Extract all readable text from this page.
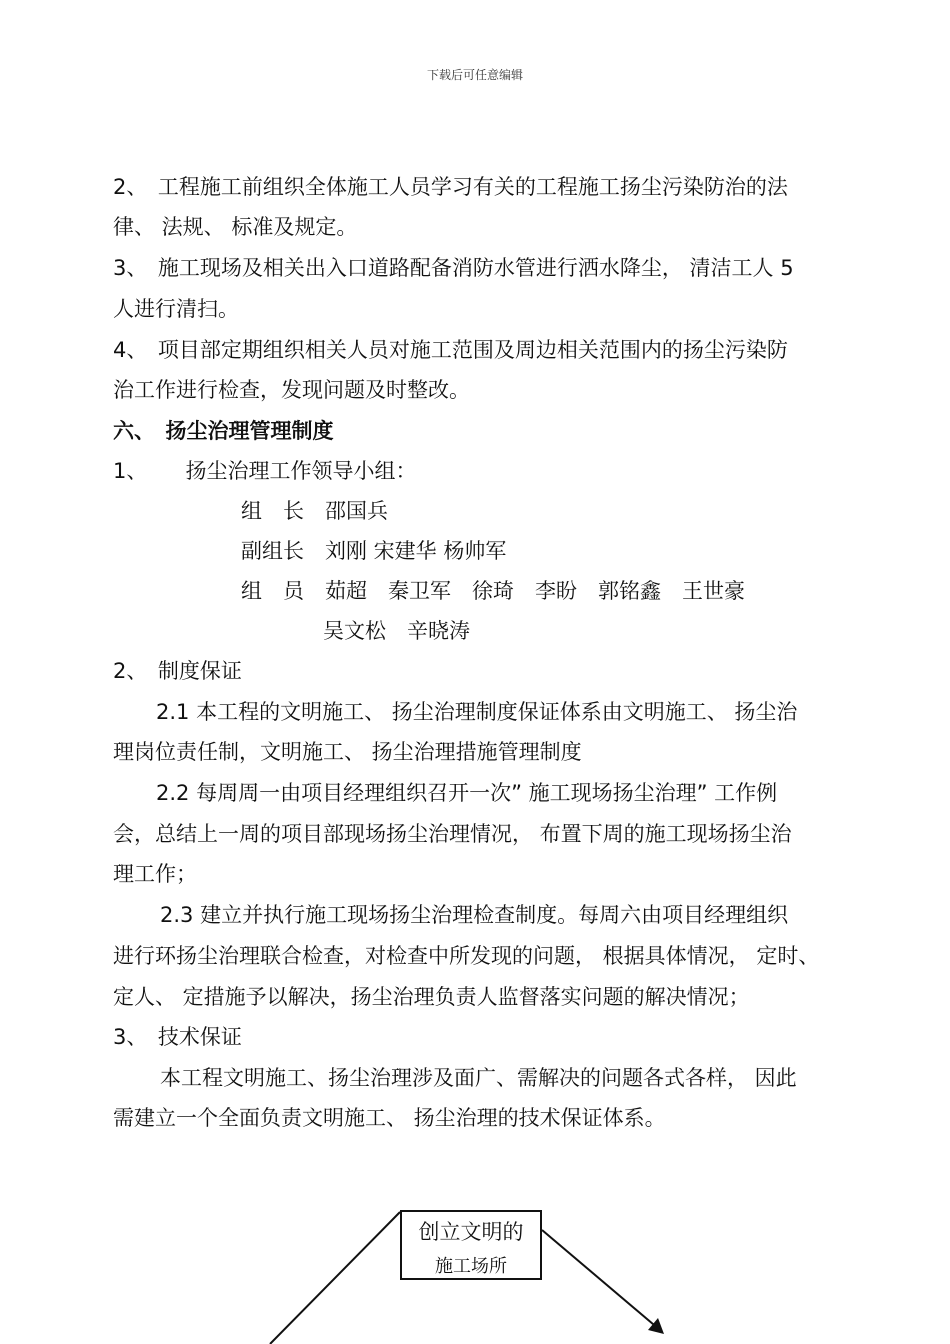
下载后可任意编辑
2、　工程施工前组织全体施工人员学习有关的工程施工扬尘污染防治的法
律、 法规、 标准及规定。
3、　施工现场及相关出入口道路配备消防水管进行洒水降尘， 清洁工人 5
人进行清扫。
4、　项目部定期组织相关人员对施工范围及周边相关范围内的扬尘污染防
治工作进行检查，发现问题及时整改。
六、　扬尘治理管理制度
1、　　 扬尘治理工作领导小组：
组　长　邵国兵
副组长　刘刚 宋建华 杨帅军
组　员　茹超　秦卫军　徐琦　李盼　郭铭鑫　王世豪
吴文松　辛晓涛
2、　制度保证
2.1 本工程的文明施工、 扬尘治理制度保证体系由文明施工、 扬尘治
理岗位责任制，文明施工、 扬尘治理措施管理制度
2.2 每周周一由项目经理组织召开一次” 施工现场扬尘治理” 工作例
会，总结上一周的项目部现场扬尘治理情况， 布置下周的施工现场扬尘治
理工作；
2.3 建立并执行施工现场扬尘治理检查制度。每周六由项目经理组织
进行环扬尘治理联合检查，对检查中所发现的问题， 根据具体情况， 定时、
定人、 定措施予以解决，扬尘治理负责人监督落实问题的解决情况；
3、　技术保证
本工程文明施工、扬尘治理涉及面广、需解决的问题各式各样， 因此
需建立一个全面负责文明施工、 扬尘治理的技术保证体系。
创立文明的
施工场所
